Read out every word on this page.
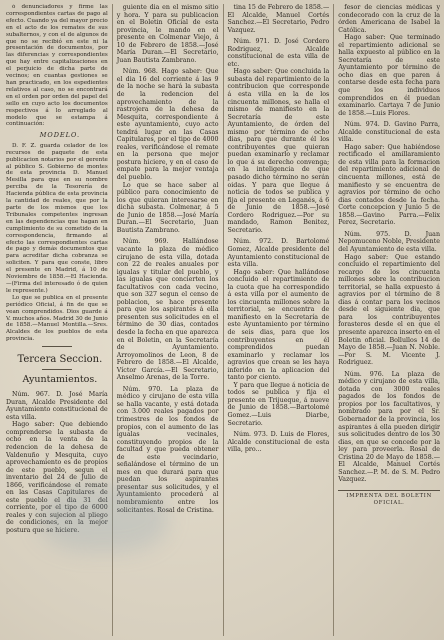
ó denunciadores y firme las correspondientes cartas de pago al efecto. Cuando ya del mayor precio en el acto de los remates de sus subalternos, y con el de algunos de que no se recibió en este ni la presentación de documentos, por las diferencias y correspondientes que hay entre capitalizaciones en el perjuicio de dicha parte de vecinos; en cuantas gestiones se han practicado, en los espedientes relativos al caso, no se encontrará en el orden por orden del papel del sello en cuyo acto los documentos respectivos á lo arreglado al modelo que se estampa á continuación:

MODELO.

D. F. Z. guarda celador de los recursos de paquete de esta publicacion notarios por el gerente al público S. Gobierno de montes de esta provincia D. Manuel Mesilla para que en su nombre perciba de la Tesorería de Hacienda pública de esta provincia la cantidad de reales, que por la parte de los mismos que los Tribunales competentes ingresan en las dependencias que hagan en cumplimiento de su cometido de la correspondencia, firmando al efecto las correspondientes cartas de pago y demás documentos que para acreditar dicha cobranza se soliciten. Y para que conste, libro el presente en Madrid, á 10 de Noviembre de 1858.—El Hacienda.—(Firma del interesado ó de quien le represente.)

Lo que se publica en el presente periódico Oficial, á fin de que se vean comprendidos. Dios guarde á V. muchos años. Madrid 30 de Junio de 1858.—Manuel Montilla.—Sres. Alcaldes de los pueblos de esta provincia.

Tercera Seccion.

Ayuntamientos.

Núm. 967. D. José María Duran, Alcalde Presidente del Ayuntamiento constitucional de esta villa.

Hago saber: Que debiendo comprenderse la subasta de ocho en la venta de la redencion de la dehesa de Valdenuño y Mesquita, cuyo aprovechamiento es de propios de este pueblo, segun el inventario del 24 de Julio de 1866, verificándose el remate en las Casas Capitulares de este pueblo el dia 31 del corriente, por el tipo de 6000 reales y con sujecion al pliego de condiciones, en la mejor postura que se hiciere.

guiente dia en el mismo sitio y hora. Y para su publicacion en el Boletin Oficial de esta provincia, le mando en el presente en Colmenar Viejo, á 10 de Febrero de 1858.—José María Duran.—El Secretario, Juan Bautista Zambrano.

Núm. 968. Hago saber: Que el dia 16 del corriente á las 9 de la noche se hará la subasta de la redencion del aprovechamiento de la rastrojera de la dehesa de Mesquita, correspondiente á este ayuntamiento, cuyo acto tendrá lugar en las Casas Capitulares, por el tipo de 4000 reales, verificándose el remate en la persona que mejor postura hiciere, y en el caso de empate para la mejor ventaja del pueblo.

Lo que se hace saber al público para conocimiento de los que quieran interesarse en dicha subasta. Colmenar, á 5 de Junio de 1858.—José María Duran.—El Secretario, Juan Bautista Zambrano.

Núm. 969. Hallándose vacante la plaza de médico cirujano de esta villa, dotada con 22 de reales anuales por igualas y titular del pueblo, y las igualas que concierten los facultativos con cada vecino, que son 327 segun el censo de poblacion, se hace presente para que los aspirantes á ella presenten sus solicitudes en el término de 30 dias, contados desde la fecha en que aparezca en el Boletin, en la Secretaría de Ayuntamiento. Arroyomolinos de Leon, 8 de Febrero de 1858.—El Alcalde, Víctor García.—El Secretario, Anselmo Arenas, de la Torre.

Núm. 970. La plaza de médico y cirujano de esta villa se halla vacante, y está dotada con 3.000 reales pagados por trimestres de los fondos de propios, con el aumento de las igualas vecinales, constituyendo propios de la facultad y que pueda obtener de este vecindario, señalándose el término de un mes en que durará para que puedan los aspirantes presentar sus solicitudes, y el Ayuntamiento procederá al nombramiento entre los solicitantes. Rosal de Cristina.

tina 15 de Febrero de 1858.—El Alcalde, Manuel Cortés Sanchez.—El Secretario, Pedro Vazquez.

Núm. 971. D. José Cordero Rodriguez, Alcalde constitucional de esta villa de etc.

Hago saber: Que concluida la subasta del repartimiento de la contribucion que corresponde á esta villa en la de los cincuenta millones, se halla el mismo de manifiesto en la Secretaría de este Ayuntamiento, de órden del mismo por término de ocho dias, para que durante él los contribuyentes que quieran puedan examinarlo y reclamar lo que á su derecho convenga; en la inteligencia de que pasado dicho término no serán oidas. Y para que llegue á noticia de todos se publica y fija el presente en Leganés, á 6 de Junio de 1858.—José Cordero Rodriguez.—Por su mandado, Ramon Benitez, Secretario.

Núm. 972. D. Bartolomé Gomez, Alcalde presidente del Ayuntamiento constitucional de esta villa.

Hago saber: Que hallándose concluido el repartimiento de la cuota que ha correspondido á esta villa por el aumento de los cincuenta millones sobre la territorial, se encuentra de manifiesto en la Secretaría de este Ayuntamiento por término de seis dias, para que los contribuyentes en él comprendidos puedan examinarlo y reclamar los agravios que crean se les haya inferido en la aplicacion del tanto por ciento.

Y para que llegue á noticia de todos se publica y fija el presente en Trijueque, á nueve de Junio de 1858.—Bartolomé Gomez.—Luis Diarbe, Secretario.

Núm. 973. D. Luis de Flores, Alcalde constitucional de esta villa, pro...

fesor de ciencias médicas y condecorado con la cruz de la órden Americana de Isabel la Católica.

Hago saber: Que terminado el repartimiento adicional se halla expuesto al público en la Secretaría de este Ayuntamiento por término de ocho dias en que paren á contarse desde esta fecha para que los individuos comprendidos en él puedan examinarlo. Cartaya 7 de Junio de 1858.—Luis Flores.

Núm. 974. D. Gavino Parra, Alcalde constitucional de esta villa.

Hago saber: Que habiéndose rectificado el amillaramiento de esta villa para la formacion del repartimiento adicional de cincuenta millones, está de manifiesto y se encuentra de agravios por término de ocho dias contados desde la fecha. Corte concepcion y Junio 5 de 1858.—Gavino Parra.—Felix Perez, Secretario.

Núm. 975. D. Juan Nepomuceno Noble, Presidente del Ayuntamiento de esta villa.

Hago saber: Que estando concluido el repartimiento del recargo de los cincuenta millones sobre la contribucion territorial, se halla expuesto á agravios por el término de 8 dias á contar para los vecinos desde el siguiente dia, que para los contribuyentes forasteros desde el en que el presente aparezca inserto en el Boletin oficial. Bollullos 14 de Mayo de 1858.—Juan N. Noble.—Por S. M. Vicente J. Rodriguez.

Núm. 976. La plaza de médico y cirujano de esta villa, dotada con 3000 reales pagados de los fondos de propios por los facultativos, y nombrado para por el Sr. Gobernador de la provincia, los aspirantes á ella pueden dirigir sus solicitudes dentro de los 30 dias, en que se concede por la ley para proveerla. Rosal de Cristina 20 de Mayo de 1858.—El Alcalde, Manuel Cortés Sanchez.—P. M. de S. M. Pedro Vazquez.

IMPRENTA DEL BOLETIN OFICIAL.
